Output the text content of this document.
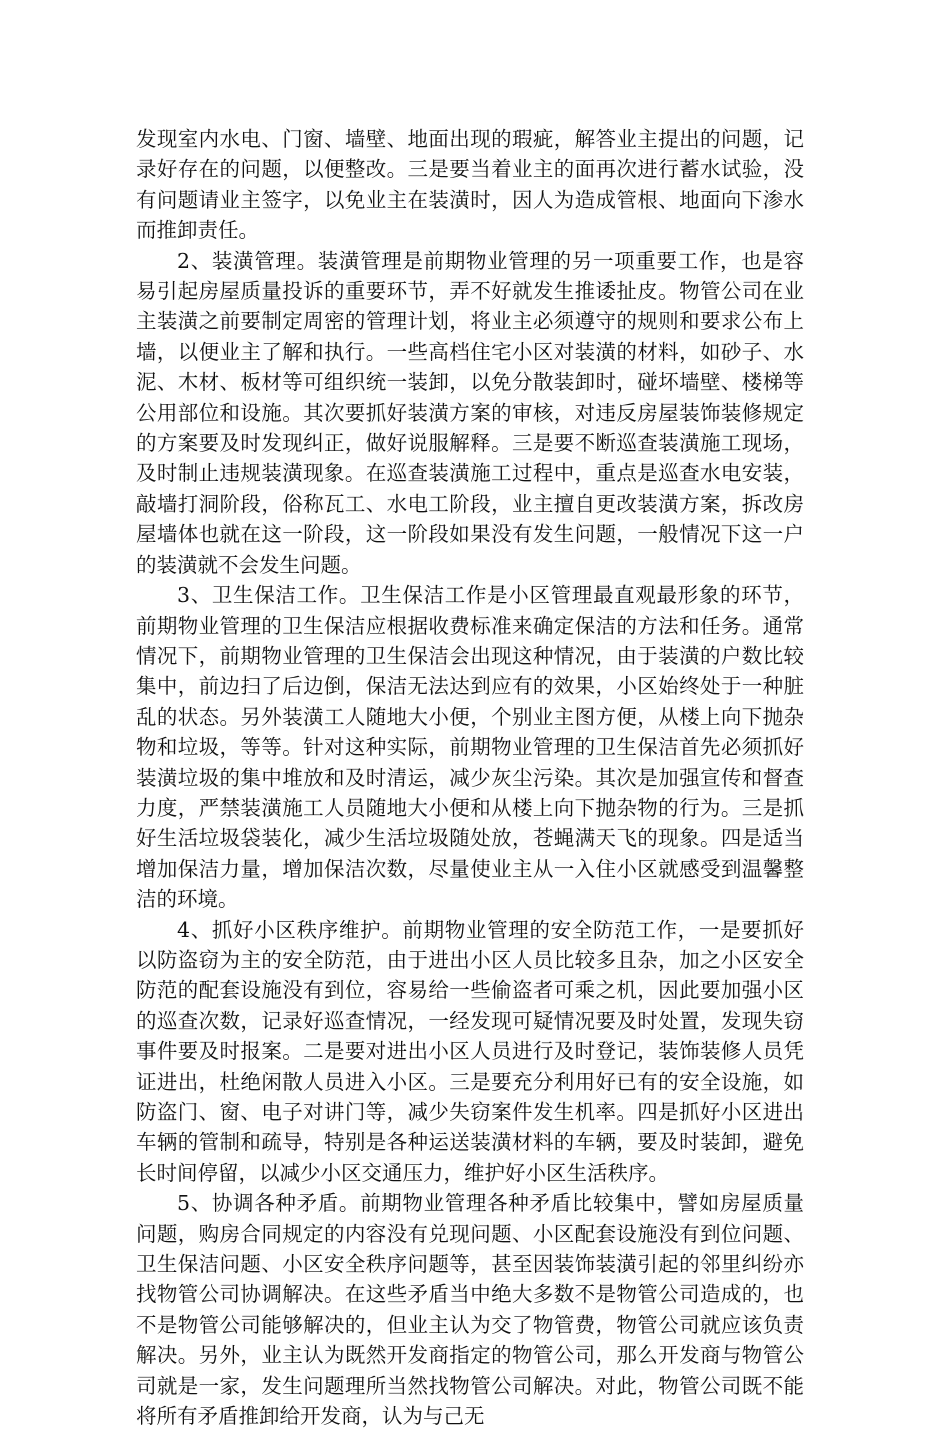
发现室内水电、门窗、墙壁、地面出现的瑕疵，解答业主提出的问题，记录好存在的问题，以便整改。三是要当着业主的面再次进行蓄水试验，没有问题请业主签字，以免业主在装潢时，因人为造成管根、地面向下渗水而推卸责任。

2、装潢管理。装潢管理是前期物业管理的另一项重要工作，也是容易引起房屋质量投诉的重要环节，弄不好就发生推诿扯皮。物管公司在业主装潢之前要制定周密的管理计划，将业主必须遵守的规则和要求公布上墙，以便业主了解和执行。一些高档住宅小区对装潢的材料，如砂子、水泥、木材、板材等可组织统一装卸，以免分散装卸时，碰坏墙壁、楼梯等公用部位和设施。其次要抓好装潢方案的审核，对违反房屋装饰装修规定的方案要及时发现纠正，做好说服解释。三是要不断巡查装潢施工现场，及时制止违规装潢现象。在巡查装潢施工过程中，重点是巡查水电安装，敲墙打洞阶段，俗称瓦工、水电工阶段，业主擅自更改装潢方案，拆改房屋墙体也就在这一阶段，这一阶段如果没有发生问题，一般情况下这一户的装潢就不会发生问题。

3、卫生保洁工作。卫生保洁工作是小区管理最直观最形象的环节，前期物业管理的卫生保洁应根据收费标准来确定保洁的方法和任务。通常情况下，前期物业管理的卫生保洁会出现这种情况，由于装潢的户数比较集中，前边扫了后边倒，保洁无法达到应有的效果，小区始终处于一种脏乱的状态。另外装潢工人随地大小便，个别业主图方便，从楼上向下抛杂物和垃圾，等等。针对这种实际，前期物业管理的卫生保洁首先必须抓好装潢垃圾的集中堆放和及时清运，减少灰尘污染。其次是加强宣传和督查力度，严禁装潢施工人员随地大小便和从楼上向下抛杂物的行为。三是抓好生活垃圾袋装化，减少生活垃圾随处放，苍蝇满天飞的现象。四是适当增加保洁力量，增加保洁次数，尽量使业主从一入住小区就感受到温馨整洁的环境。

4、抓好小区秩序维护。前期物业管理的安全防范工作，一是要抓好以防盗窃为主的安全防范，由于进出小区人员比较多且杂，加之小区安全防范的配套设施没有到位，容易给一些偷盗者可乘之机，因此要加强小区的巡查次数，记录好巡查情况，一经发现可疑情况要及时处置，发现失窃事件要及时报案。二是要对进出小区人员进行及时登记，装饰装修人员凭证进出，杜绝闲散人员进入小区。三是要充分利用好已有的安全设施，如防盗门、窗、电子对讲门等，减少失窃案件发生机率。四是抓好小区进出车辆的管制和疏导，特别是各种运送装潢材料的车辆，要及时装卸，避免长时间停留，以减少小区交通压力，维护好小区生活秩序。

5、协调各种矛盾。前期物业管理各种矛盾比较集中，譬如房屋质量问题，购房合同规定的内容没有兑现问题、小区配套设施没有到位问题、卫生保洁问题、小区安全秩序问题等，甚至因装饰装潢引起的邻里纠纷亦找物管公司协调解决。在这些矛盾当中绝大多数不是物管公司造成的，也不是物管公司能够解决的，但业主认为交了物管费，物管公司就应该负责解决。另外，业主认为既然开发商指定的物管公司，那么开发商与物管公司就是一家，发生问题理所当然找物管公司解决。对此，物管公司既不能将所有矛盾推卸给开发商，认为与己无
